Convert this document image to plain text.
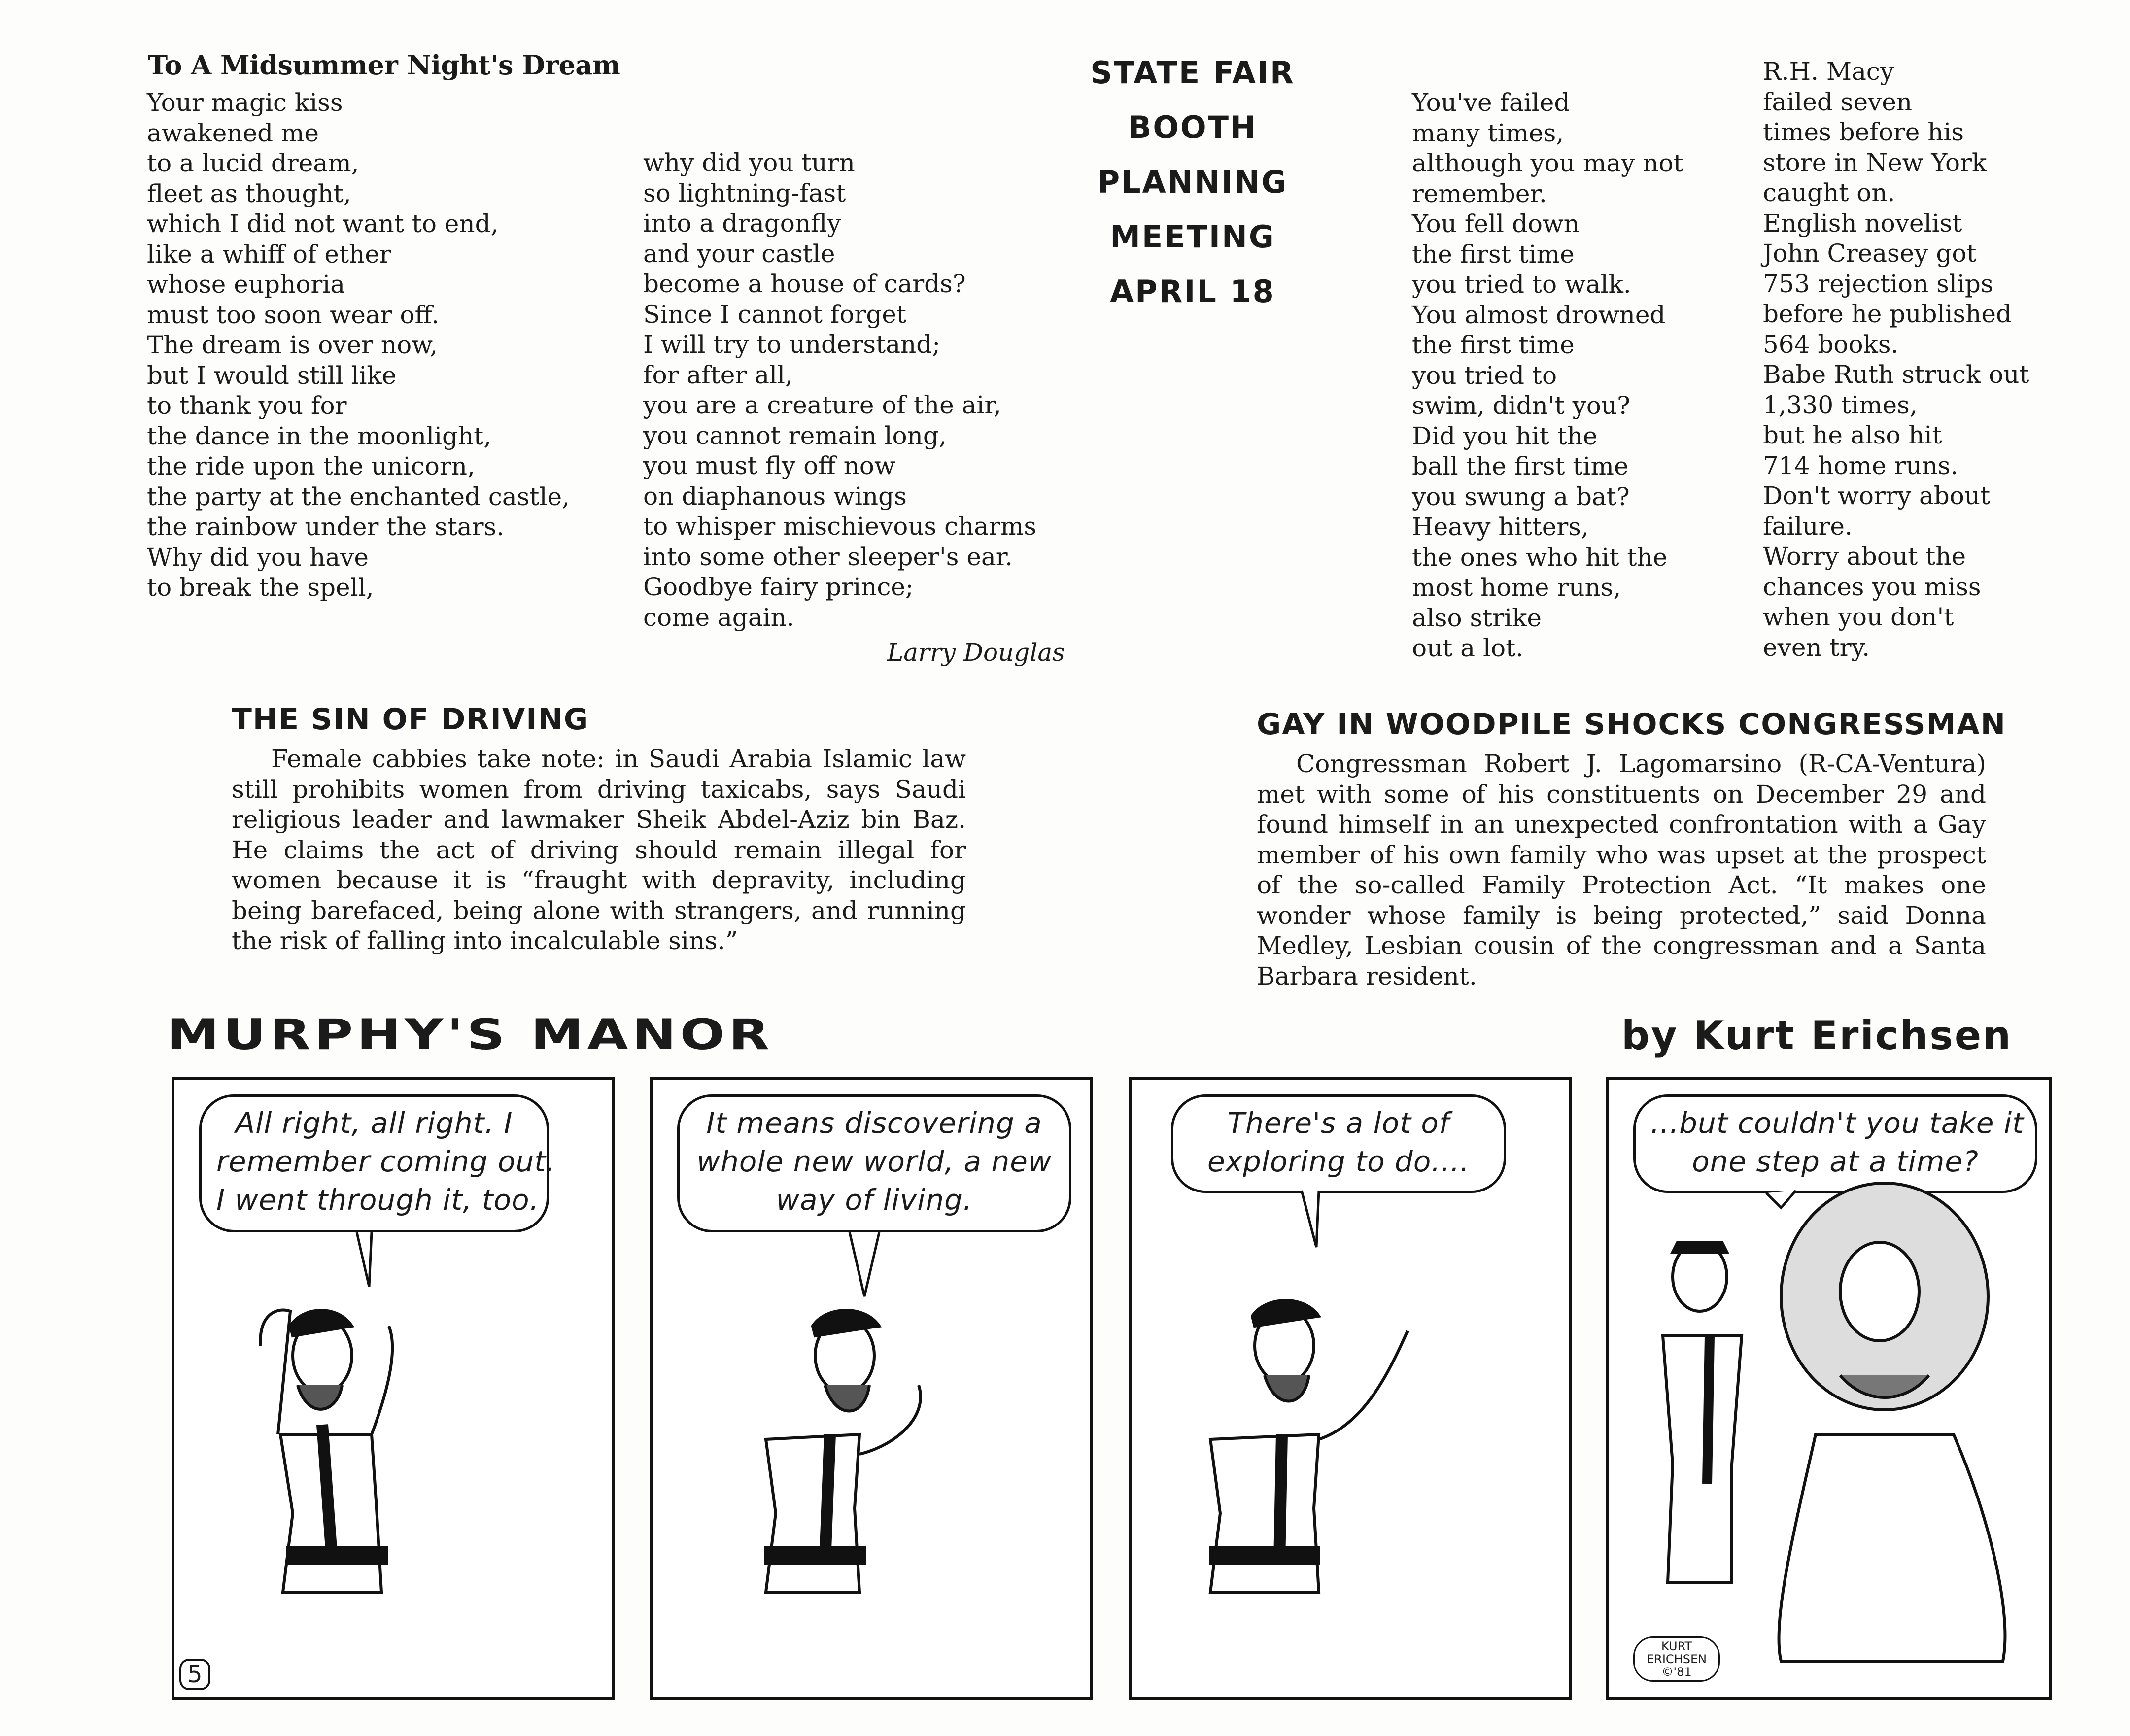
To A Midsummer Night's Dream
Your magic kiss
awakened me
to a lucid dream,
fleet as thought,
which I did not want to end,
like a whiff of ether
whose euphoria
must too soon wear off.
The dream is over now,
but I would still like
to thank you for
the dance in the moonlight,
the ride upon the unicorn,
the party at the enchanted castle,
the rainbow under the stars.
Why did you have
to break the spell,
why did you turn
so lightning-fast
into a dragonfly
and your castle
become a house of cards?
Since I cannot forget
I will try to understand;
for after all,
you are a creature of the air,
you cannot remain long,
you must fly off now
on diaphanous wings
to whisper mischievous charms
into some other sleeper's ear.
Goodbye fairy prince;
come again.
Larry Douglas
STATE FAIR BOOTH
PLANNING MEETING
APRIL 18
You've failed
many times,
although you may not
remember.
You fell down
the first time
you tried to walk.
You almost drowned
the first time
you tried to
swim, didn't you?
Did you hit the
ball the first time
you swung a bat?
Heavy hitters,
the ones who hit the
most home runs,
also strike
out a lot.
R.H. Macy
failed seven
times before his
store in New York
caught on.
English novelist
John Creasey got
753 rejection slips
before he published
564 books.
Babe Ruth struck out
1,330 times,
but he also hit
714 home runs.
Don't worry about
failure.
Worry about the
chances you miss
when you don't
even try.
THE SIN OF DRIVING

Female cabbies take note: in Saudi Arabia Islamic law still prohibits women from driving taxicabs, says Saudi religious leader and lawmaker Sheik Abdel-Aziz bin Baz. He claims the act of driving should remain illegal for women because it is “fraught with depravity, including being barefaced, being alone with strangers, and running the risk of falling into incalculable sins.”

GAY IN WOODPILE SHOCKS CONGRESSMAN

Congressman Robert J. Lagomarsino (R-CA-Ventura) met with some of his constituents on December 29 and found himself in an unexpected confrontation with a Gay member of his own family who was upset at the prospect of the so-called Family Protection Act. “It makes one wonder whose family is being protected,” said Donna Medley, Lesbian cousin of the congressman and a Santa Barbara resident.

MURPHY'S MANOR	by Kurt Erichsen
All right, all right. I
remember coming out.
I went through it, too.
5
It means discovering a
whole new world, a new
way of living.
There's a lot of
exploring to do....
...but couldn't you take it
one step at a time?
KURT
ERICHSEN
©'81
